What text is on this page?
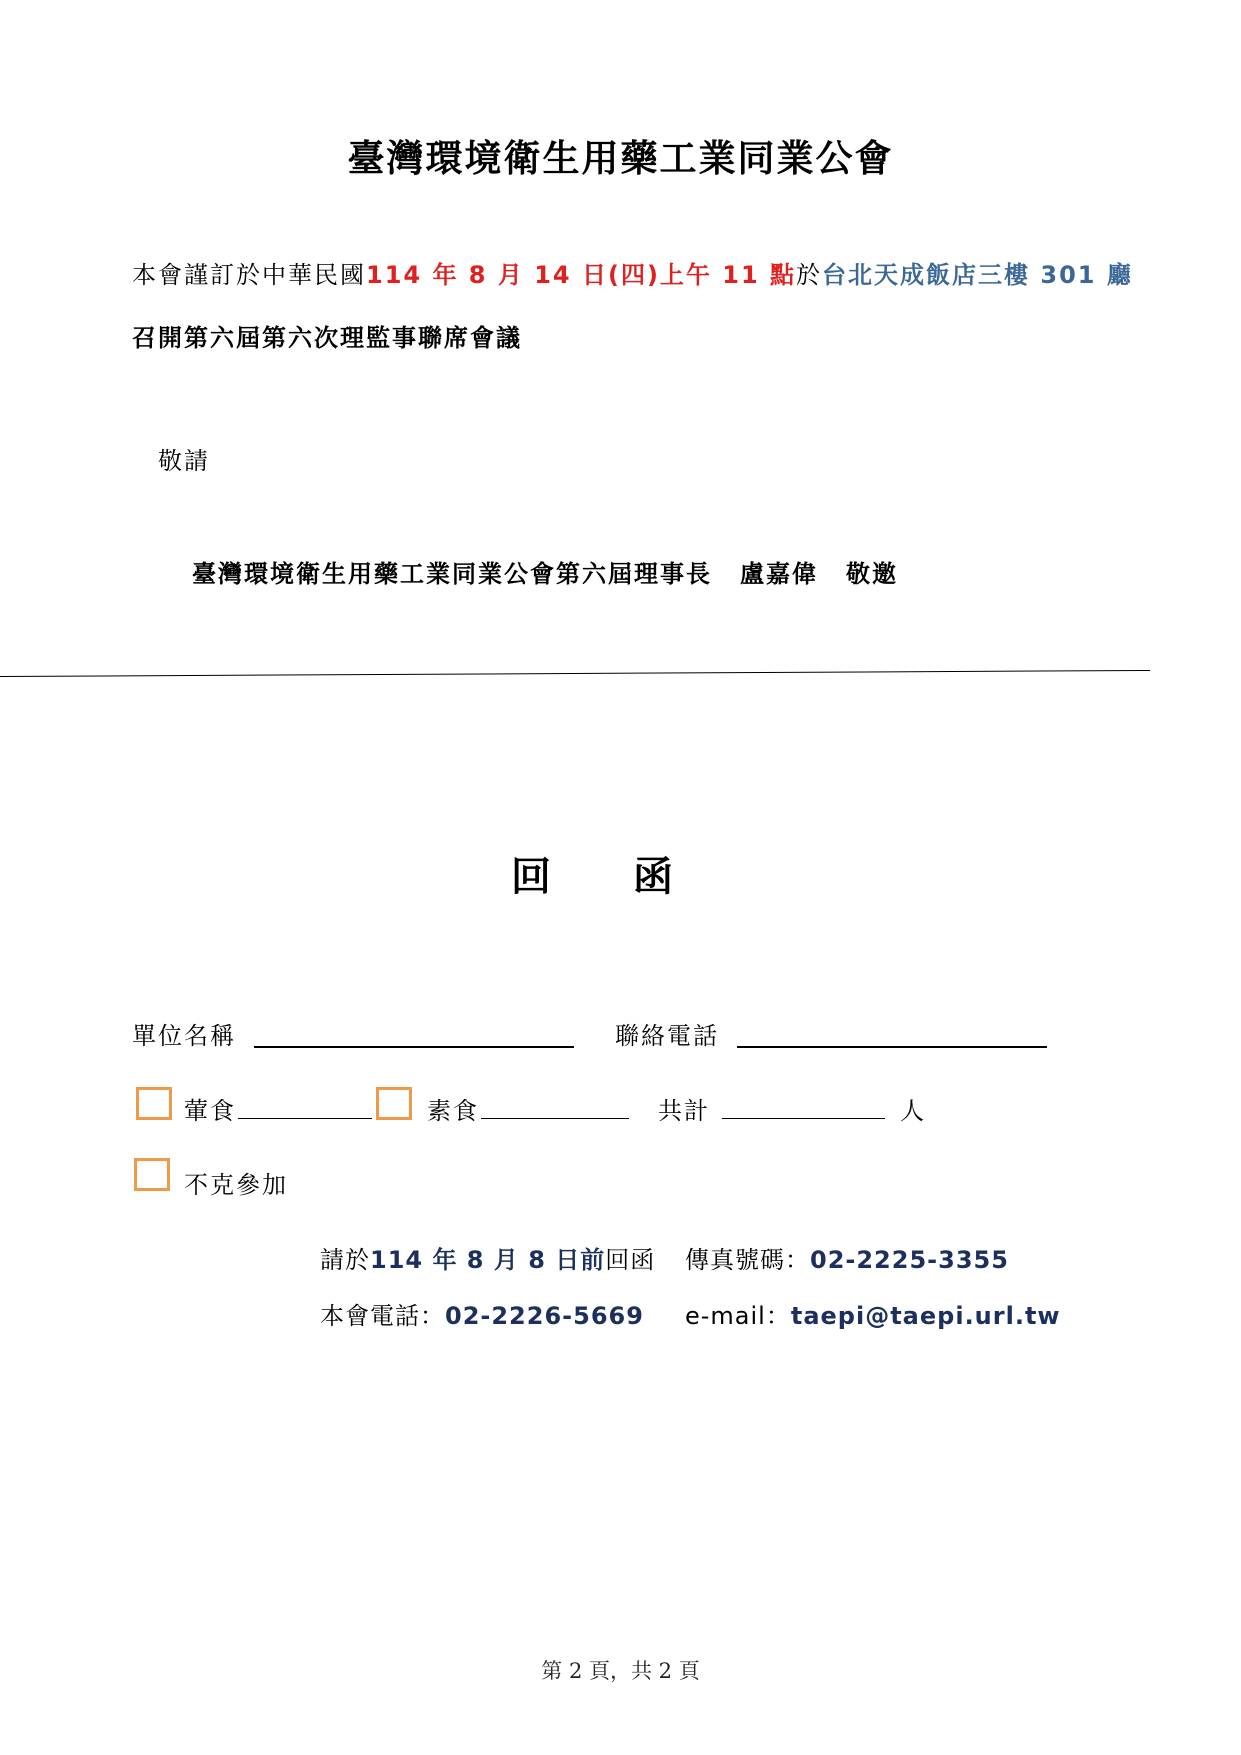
臺灣環境衛生用藥工業同業公會
本會謹訂於中華民國114 年 8 月 14 日(四)上午 11 點於台北天成飯店三樓 301 廳
召開第六屆第六次理監事聯席會議
敬請
臺灣環境衛生用藥工業同業公會第六屆理事長 盧嘉偉 敬邀
回 函
單位名稱	聯絡電話
葷食	素食	共計	人
不克參加
請於114 年 8 月 8 日前回函 傳真號碼：02-2225-3355
本會電話：02-2226-5669 e-mail：taepi@taepi.url.tw
第 2 頁，共 2 頁
